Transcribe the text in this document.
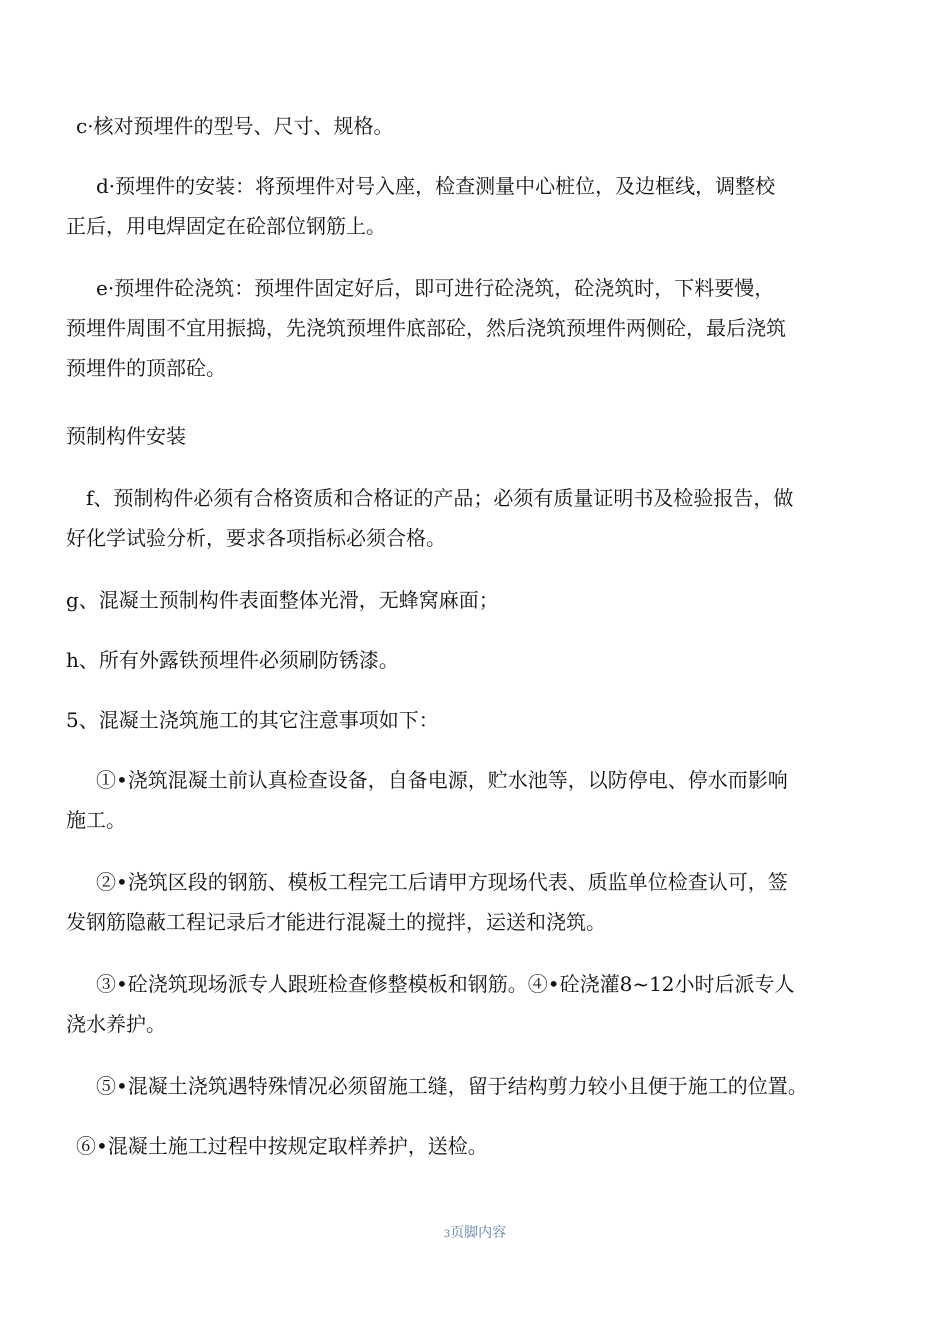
c·核对预埋件的型号、尺寸、规格。

d·预埋件的安装：将预埋件对号入座，检查测量中心桩位，及边框线，调整校
正后，用电焊固定在砼部位钢筋上。

e·预埋件砼浇筑：预埋件固定好后，即可进行砼浇筑，砼浇筑时，下料要慢，
预埋件周围不宜用振捣，先浇筑预埋件底部砼，然后浇筑预埋件两侧砼，最后浇筑
预埋件的顶部砼。

预制构件安装

f、预制构件必须有合格资质和合格证的产品；必须有质量证明书及检验报告，做
好化学试验分析，要求各项指标必须合格。

g、混凝土预制构件表面整体光滑，无蜂窝麻面；

h、所有外露铁预埋件必须刷防锈漆。

5、混凝土浇筑施工的其它注意事项如下：

①•浇筑混凝土前认真检查设备，自备电源，贮水池等，以防停电、停水而影响
施工。

②•浇筑区段的钢筋、模板工程完工后请甲方现场代表、质监单位检查认可，签
发钢筋隐蔽工程记录后才能进行混凝土的搅拌，运送和浇筑。

③•砼浇筑现场派专人跟班检查修整模板和钢筋。④•砼浇灌8~12小时后派专人
浇水养护。

⑤•混凝土浇筑遇特殊情况必须留施工缝，留于结构剪力较小且便于施工的位置。

⑥•混凝土施工过程中按规定取样养护，送检。

3页脚内容
